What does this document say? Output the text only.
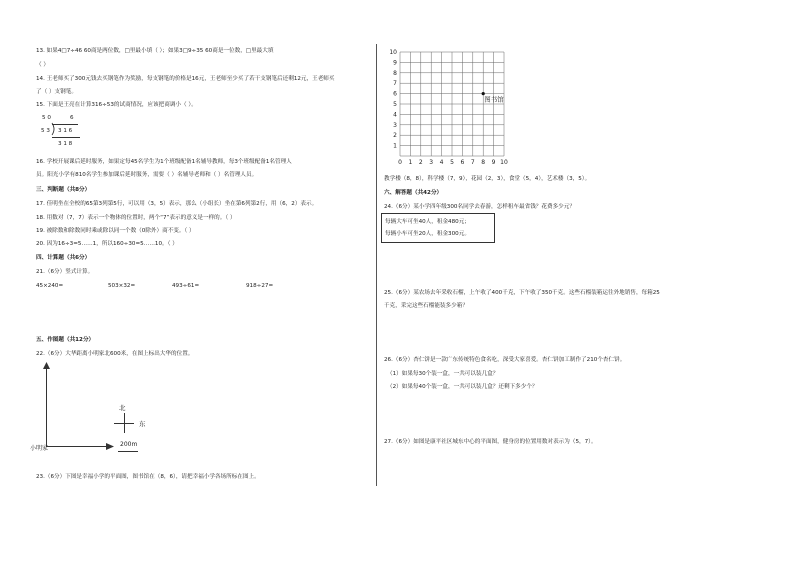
13. 如果4□7÷46 60商是两位数，□里最小填（ ）；如果3□9÷35 60商是一位数，□里最大填
（ ）
14. 王老师买了300元钱去买钢笔作为奖励，每支钢笔的价格是16元，王老师至少买了若干支钢笔后还剩12元，王老师买
了（ ）支钢笔。
15. 下面是王亮在计算316÷53的试商情况，应该把商调小（ ）。
5 0	6
5 3 3 1 6
3 1 8
16. 学校开展课后延时服务，如果定每45名学生为1个班级配备1名辅导教师，每3个班级配备1名管理人
员。阳光小学有810名学生参加课后延时服务，需要（ ）名辅导老师和（ ）名管理人员。
三、判断题（共8分）
17. 佳明坐在全校的65第3列第5行，可以用（3，5）表示，那么（小组长）坐在第6列第2行，用（6，2）表示。
18. 用数对（7，7）表示一个物体的位置时，两个“7”表示的意义是一样的。（ ）
19. 被除数和除数同时乘或除以同一个数（0除外）商不变。（ ）
20. 因为16÷3=5……1，所以160÷30=5……10。（ ）
四、计算题（共6分）
21.（6分）竖式计算。
45×240=	503×32=	493÷61=	918÷27=
五、作图题（共12分）
22.（6分）大华距离小明家北600米，在图上标出大华的位置。
小明家
北
东
200m
23.（6分）下图是幸福小学的平面图，图书馆在（8，6），请把幸福小学各场所标在图上。
0 1 2 3 4 5 6 7 8 9 10
1
2
3
4
5
6
7
8
9
10
图书馆
教学楼（8，8），科学楼（7，9），花园（2，3），食堂（5，4），艺术楼（3，5）。
六、解答题（共42分）
24.（6分）某小学四年级300名同学去春游，怎样租车最省钱？花费多少元？
每辆大车可坐40人，租金480元；
每辆小车可坐20人，租金300元。
25.（6分）某农场去年采收石榴，上午收了400千克，下午收了350千克。这些石榴装箱运往外地销售，每箱25
千克，采完这些石榴能装多少箱？
26.（6分）杏仁饼是一款广东传统特色食名吃，深受大家喜爱。杏仁饼加工制作了210个杏仁饼。
（1）如果每30个装一盒，一共可以装几盒？
（2）如果每40个装一盒，一共可以装几盒？还剩下多少个？
27.（6分）如图是康平社区城东中心的平面图，健身房的位置用数对表示为（5，7）。
